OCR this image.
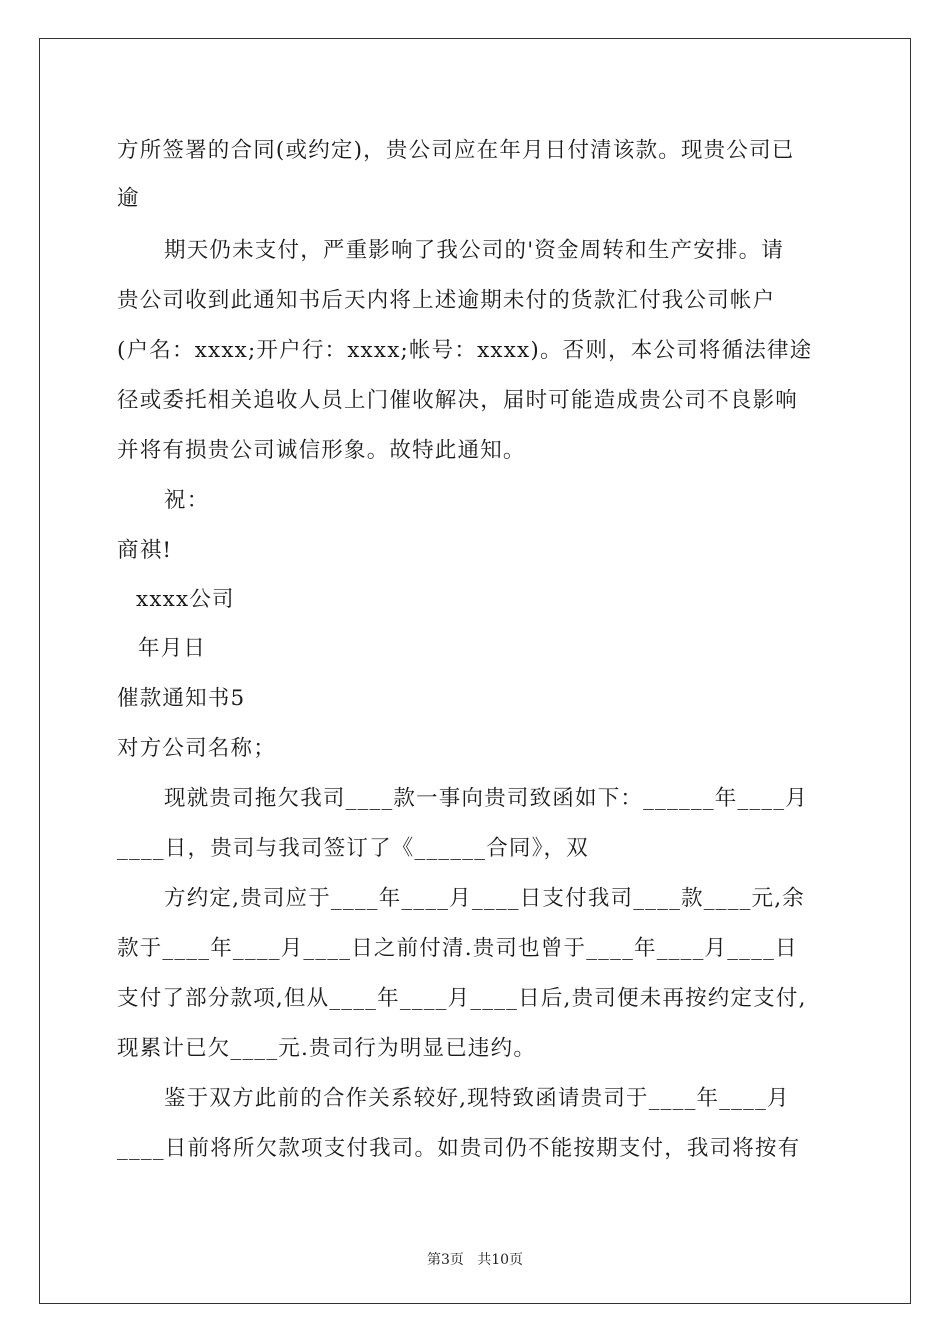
方所签署的合同(或约定)，贵公司应在年月日付清该款。现贵公司已
逾
期天仍未支付，严重影响了我公司的'资金周转和生产安排。请
贵公司收到此通知书后天内将上述逾期未付的货款汇付我公司帐户
(户名：xxxx;开户行：xxxx;帐号：xxxx)。否则，本公司将循法律途
径或委托相关追收人员上门催收解决，届时可能造成贵公司不良影响
并将有损贵公司诚信形象。故特此通知。
祝：
商祺!
xxxx公司
年月日
催款通知书5
对方公司名称；
现就贵司拖欠我司____款一事向贵司致函如下：______年____月
____日，贵司与我司签订了《______合同》，双
方约定,贵司应于____年____月____日支付我司____款____元,余
款于____年____月____日之前付清.贵司也曾于____年____月____日
支付了部分款项,但从____年____月____日后,贵司便未再按约定支付,
现累计已欠____元.贵司行为明显已违约。
鉴于双方此前的合作关系较好,现特致函请贵司于____年____月
____日前将所欠款项支付我司。如贵司仍不能按期支付，我司将按有
第3页   共10页
